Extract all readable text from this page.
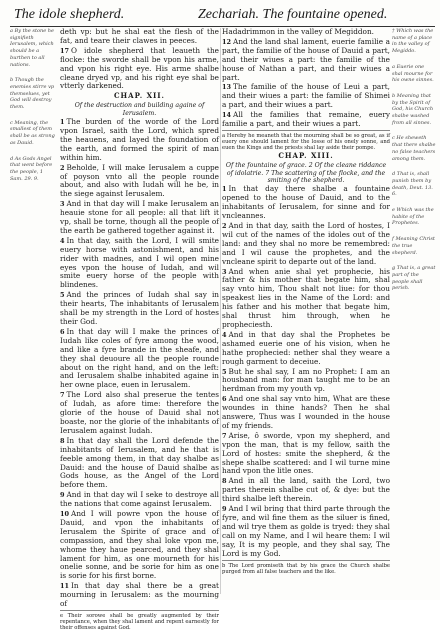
The idole shepherd.	Zechariah. The fountaine opened.
a By the stone he signifieth Ierusalem, which should be a burthen to all nations.
b Though the enemies stirre vp themselues, yet God will destroy them.
c Meaning, the smallest of them shall be as strong as Dauid.
d As Gods Angel that went before the people, 1 Sam. 29. 9.

deth vp: but he shal eat the flesh of the fat, and teare their clawes in peeces.

17 O idole shepherd that leaueth the flocke: the sworde shall be vpon his arme, and vpon his right eye. His arme shalbe cleane dryed vp, and his right eye shal be vtterly darkened.

CHAP. XII.

Of the destruction and building againe of Ierusalem.

1 The burden of the worde of the Lord vpon Israel, saith the Lord, which spred the heauens, and layed the foundation of the earth, and formed the spirit of man within him.

2 Beholde, I will make Ierusalem a cuppe of poyson vnto all the people rounde about, and also with Iudah will he be, in the siege against Ierusalem.

3 And in that day will I make Ierusalem an heauie stone for all people: all that lift it vp, shall be torne, though all the people of the earth be gathered together against it.

4 In that day, saith the Lord, I will smite euery horse with astonishment, and his rider with madnes, and I wil open mine eyes vpon the house of Iudah, and wil smite euery horse of the people with blindenes.

5 And the princes of Iudah shal say in their hearts, The inhabitants of Ierusalem shall be my strength in the Lord of hostes their God.

6 In that day will I make the princes of Iudah like coles of fyre among the wood, and like a fyre brande in the sheafe, and they shal deuoure all the people rounde about on the right hand, and on the left: and Ierusalem shalbe inhabited againe in her owne place, euen in Ierusalem.

7 The Lord also shal preserue the tentes of Iudah, as afore time: therefore the glorie of the house of Dauid shal not boaste, nor the glorie of the inhabitants of Ierusalem against Iudah.

8 In that day shall the Lord defende the inhabitants of Ierusalem, and he that is feeble among them, in that day shalbe as Dauid: and the house of Dauid shalbe as Gods house, as the Angel of the Lord before them.

9 And in that day wil I seke to destroye all the nations that come against Ierusalem.

10 And I will powre vpon the house of Dauid, and vpon the inhabitants of Ierusalem the Spirite of grace and of compassion, and they shal loke vpon me, whome they haue pearced, and they shal lament for him, as one mourneth for his onelie sonne, and be sorie for him as one is sorie for his first borne.

11 In that day shal there be a great mourning in Ierusalem: as the mourning of

e Their sorowe shall be greatly augmented by their repentance, when they shal lament and repent earnestly for their offenses against God.

Hadadrimmon in the valley of Megiddon.

12 And the land shal lament, euerie familie a part, the familie of the house of Dauid a part, and their wiues a part: the familie of the house of Nathan a part, and their wiues a part.

13 The familie of the house of Leui a part, and their wiues a part: the familie of Shimei a part, and their wiues a part.

14 All the families that remaine, euery familie a part, and their wiues a part.

a Hereby he meaneth that the mourning shall be so great, as if euery one should lament for the losse of his onely sonne, and euen the Kings and the priests shal lay aside their pompe.

CHAP. XIII.

Of the fountaine of grace. 2 Of the cleane riddance of idolatrie. 7 The scattering of the flocke, and the smiting of the shepherd.

1 In that day there shalbe a fountaine opened to the house of Dauid, and to the inhabitants of Ierusalem, for sinne and for vncleannes.

2 And in that day, saith the Lord of hostes, I wil cut of the names of the idoles out of the land: and they shal no more be remembred: and I wil cause the prophetes, and the vncleane spirit to departe out of the land.

3 And when anie shal yet prophecie, his father & his mother that begate him, shal say vnto him, Thou shalt not liue: for thou speakest lies in the Name of the Lord: and his father and his mother that begate him, shal thrust him through, when he propheciesth.

4 And in that day shal the Prophetes be ashamed euerie one of his vision, when he hathe prophecied: nether shal they weare a rough garment to deceiue.

5 But he shal say, I am no Prophet: I am an housband man: for man taught me to be an herdman from my youth vp.

6 And one shal say vnto him, What are these woundes in thine hands? Then he shal answere, Thus was I wounded in the house of my friends.

7 Arise, ô sworde, vpon my shepherd, and vpon the man, that is my fellow, saith the Lord of hostes: smite the shepherd, & the shepe shalbe scattered: and I wil turne mine hand vpon the litle ones.

8 And in all the land, saith the Lord, two partes therein shalbe cut of, & dye: but the third shalbe left therein.

9 And I wil bring that third parte through the fyre, and wil fine them as the siluer is fined, and wil trye them as golde is tryed: they shal call on my Name, and I wil heare them: I wil say, It is my people, and they shal say, The Lord is my God.

b The Lord promiseth that by his grace the Church shalbe purged from all false teachers and the like.

† Which was the name of a place in the valley of Megiddo.
a Euerie one shal mourne for his owne sinnes.
b Meaning that by the Spirit of God, his Church shalbe washed from all sinnes.
c He sheweth that there shalbe no false teachers among them.
d That is, shall punish them by death, Deut. 13. 6.
e Which was the habite of the Prophetes.
f Meaning Christ the true shepherd.
g That is, a great part of the people shall perish.
